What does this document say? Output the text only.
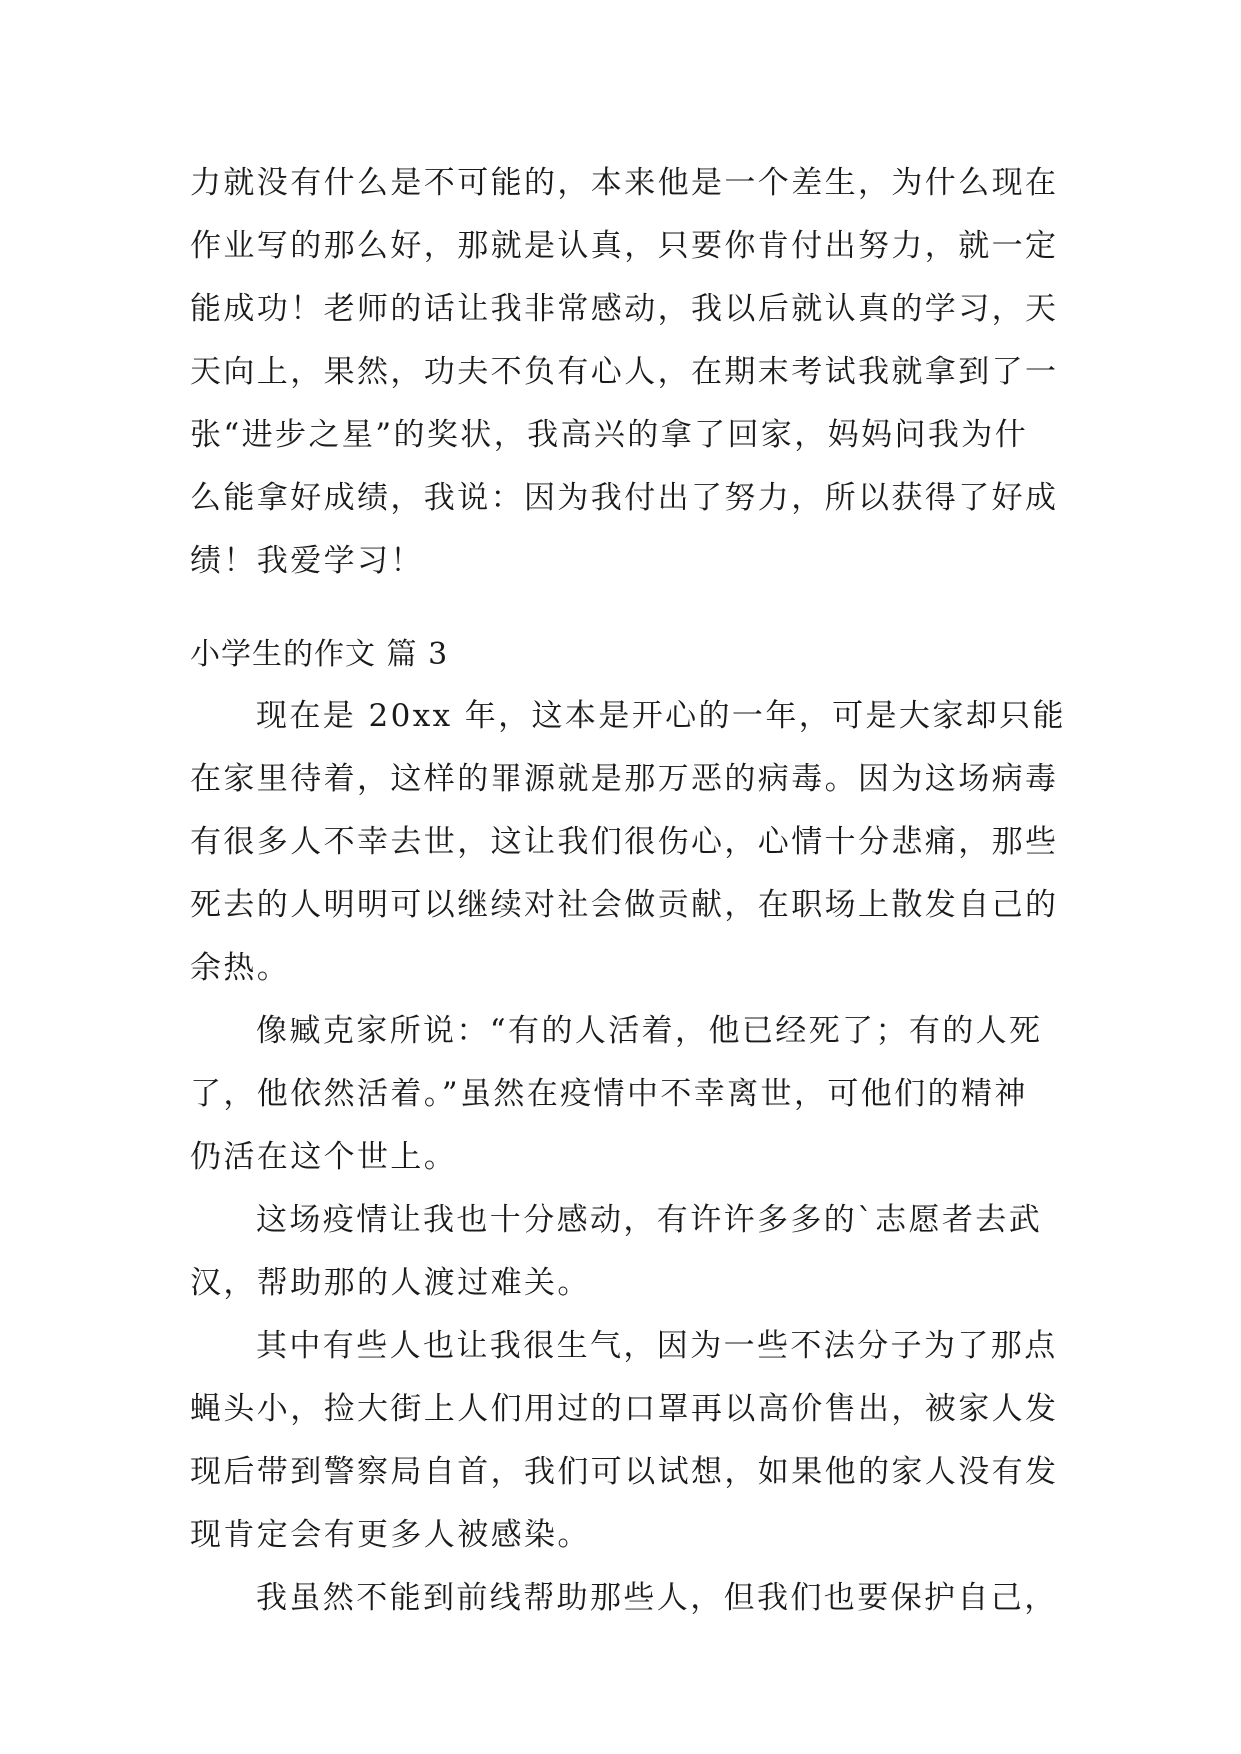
力就没有什么是不可能的，本来他是一个差生，为什么现在
作业写的那么好，那就是认真，只要你肯付出努力，就一定
能成功！老师的话让我非常感动，我以后就认真的学习，天
天向上，果然，功夫不负有心人，在期末考试我就拿到了一
张“进步之星”的奖状，我高兴的拿了回家，妈妈问我为什
么能拿好成绩，我说：因为我付出了努力，所以获得了好成
绩！我爱学习！
小学生的作文 篇 3
现在是 20xx 年，这本是开心的一年，可是大家却只能
在家里待着，这样的罪源就是那万恶的病毒。因为这场病毒
有很多人不幸去世，这让我们很伤心，心情十分悲痛，那些
死去的人明明可以继续对社会做贡献，在职场上散发自己的
余热。
像臧克家所说：“有的人活着，他已经死了；有的人死
了，他依然活着。”虽然在疫情中不幸离世，可他们的精神
仍活在这个世上。
这场疫情让我也十分感动，有许许多多的`志愿者去武
汉，帮助那的人渡过难关。
其中有些人也让我很生气，因为一些不法分子为了那点
蝇头小，捡大街上人们用过的口罩再以高价售出，被家人发
现后带到警察局自首，我们可以试想，如果他的家人没有发
现肯定会有更多人被感染。
我虽然不能到前线帮助那些人，但我们也要保护自己，
